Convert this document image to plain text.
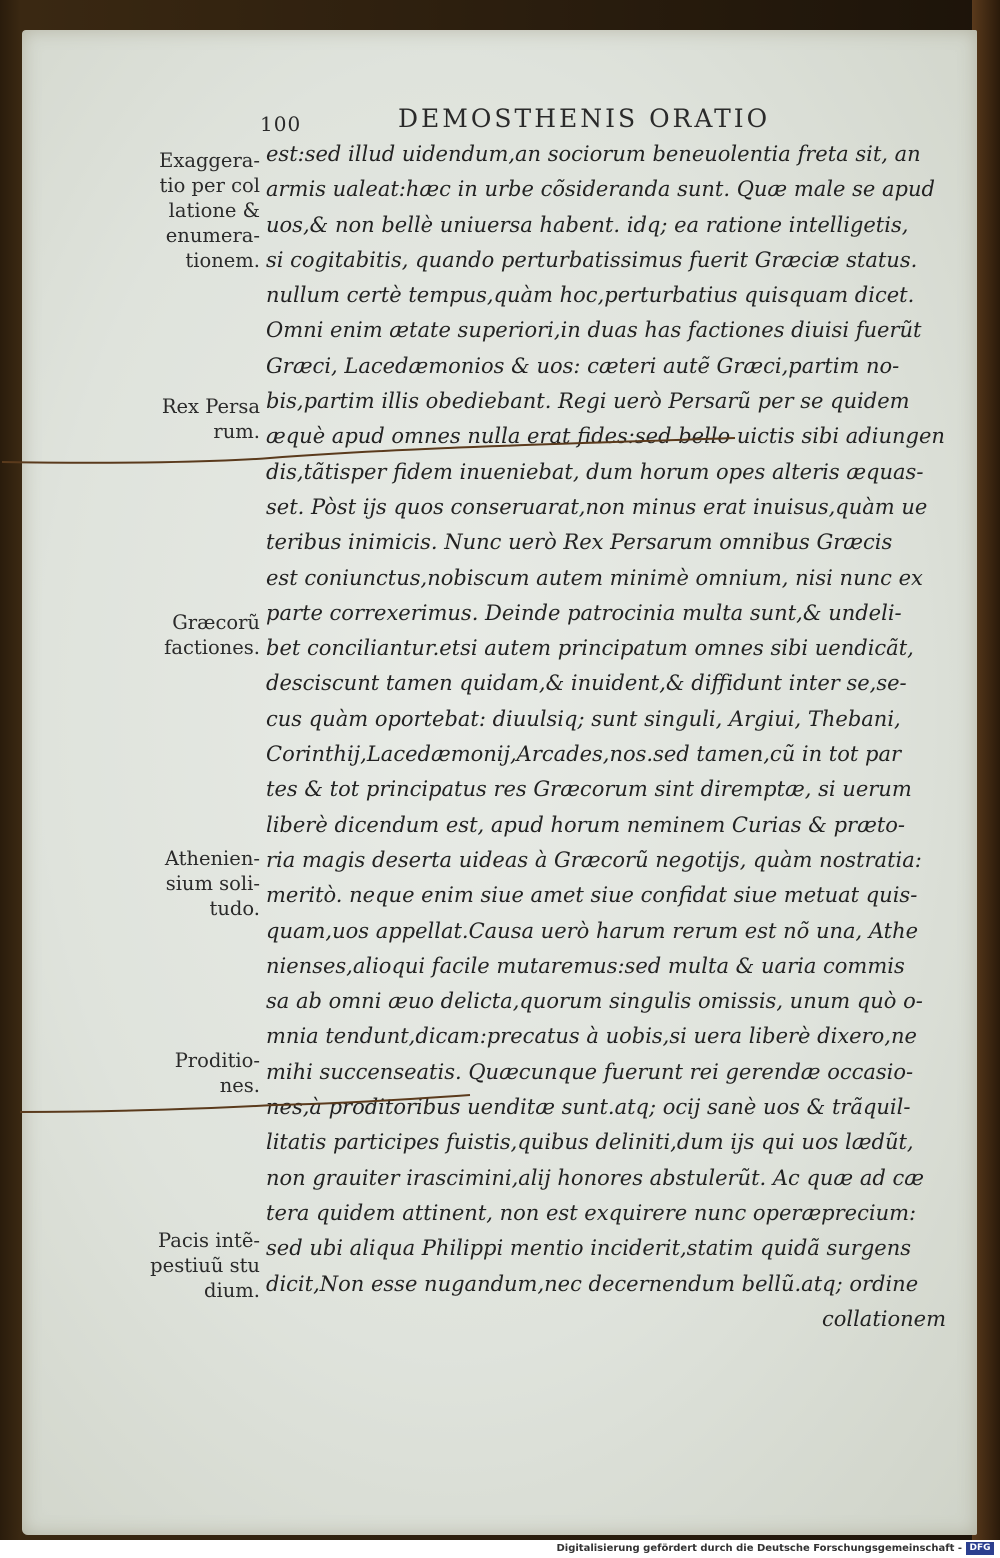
100	DEMOSTHENIS ORATIO
Exaggera-
tio per col
latione &
enumera-
tionem.
Rex Persa
rum.
Græcorũ
factiones.
Athenien-
sium soli-
tudo.
Proditio-
nes.
Pacis intẽ-
pestiuũ stu
dium.
est:sed illud uidendum,an sociorum beneuolentia freta sit, an
armis ualeat:hæc in urbe cõsideranda sunt. Quæ male se apud
uos,& non bellè uniuersa habent. idq; ea ratione intelligetis,
si cogitabitis, quando perturbatissimus fuerit Græciæ status.
nullum certè tempus,quàm hoc,perturbatius quisquam dicet.
Omni enim ætate superiori,in duas has factiones diuisi fuerũt
Græci, Lacedæmonios & uos: cæteri autẽ Græci,partim no-
bis,partim illis obediebant. Regi uerò Persarũ per se quidem
æquè apud omnes nulla erat fides:sed bello uictis sibi adiungen
dis,tãtisper fidem inueniebat, dum horum opes alteris æquas-
set. Pòst ijs quos conseruarat,non minus erat inuisus,quàm ue
teribus inimicis. Nunc uerò Rex Persarum omnibus Græcis
est coniunctus,nobiscum autem minimè omnium, nisi nunc ex
parte correxerimus. Deinde patrocinia multa sunt,& undeli-
bet conciliantur.etsi autem principatum omnes sibi uendicãt,
desciscunt tamen quidam,& inuident,& diffidunt inter se,se-
cus quàm oportebat: diuulsiq; sunt singuli, Argiui, Thebani,
Corinthij,Lacedæmonij,Arcades,nos.sed tamen,cũ in tot par
tes & tot principatus res Græcorum sint diremptæ, si uerum
liberè dicendum est, apud horum neminem Curias & præto-
ria magis deserta uideas à Græcorũ negotijs, quàm nostratia:
meritò. neque enim siue amet siue confidat siue metuat quis-
quam,uos appellat.Causa uerò harum rerum est nõ una, Athe
nienses,alioqui facile mutaremus:sed multa & uaria commis
sa ab omni æuo delicta,quorum singulis omissis, unum quò o-
mnia tendunt,dicam:precatus à uobis,si uera liberè dixero,ne
mihi succenseatis. Quæcunque fuerunt rei gerendæ occasio-
nes,à proditoribus uenditæ sunt.atq; ocij sanè uos & trãquil-
litatis participes fuistis,quibus deliniti,dum ijs qui uos lædũt,
non grauiter irascimini,alij honores abstulerũt. Ac quæ ad cæ
tera quidem attinent, non est exquirere nunc operæprecium:
sed ubi aliqua Philippi mentio inciderit,statim quidã surgens
dicit,Non esse nugandum,nec decernendum bellũ.atq; ordine
collationem
Digitalisierung gefördert durch die Deutsche Forschungsgemeinschaft - DFG
